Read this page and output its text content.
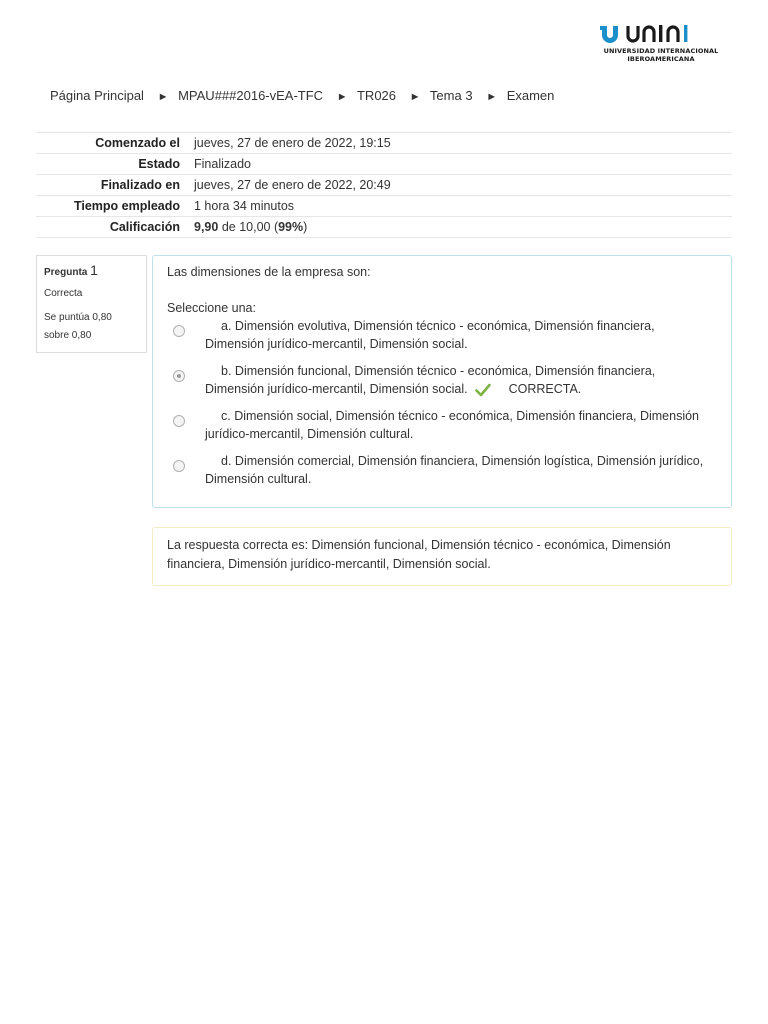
UNIVERSIDAD INTERNACIONAL
IBEROAMERICANA
Página Principal ► MPAU###2016-vEA-TFC ► TR026 ► Tema 3 ► Examen
Comenzado el	jueves, 27 de enero de 2022, 19:15
Estado	Finalizado
Finalizado en	jueves, 27 de enero de 2022, 20:49
Tiempo empleado	1 hora 34 minutos
Calificación	9,90 de 10,00 (99%)
Pregunta 1
Correcta
Se puntúa 0,80
sobre 0,80
Las dimensiones de la empresa son:
Seleccione una:
a. Dimensión evolutiva, Dimensión técnico - económica, Dimensión financiera, Dimensión jurídico-mercantil, Dimensión social.
b. Dimensión funcional, Dimensión técnico - económica, Dimensión financiera, Dimensión jurídico-mercantil, Dimensión social.	CORRECTA.
c. Dimensión social, Dimensión técnico - económica, Dimensión financiera, Dimensión jurídico-mercantil, Dimensión cultural.
d. Dimensión comercial, Dimensión financiera, Dimensión logística, Dimensión jurídico, Dimensión cultural.
La respuesta correcta es: Dimensión funcional, Dimensión técnico - económica, Dimensión financiera, Dimensión jurídico-mercantil, Dimensión social.
